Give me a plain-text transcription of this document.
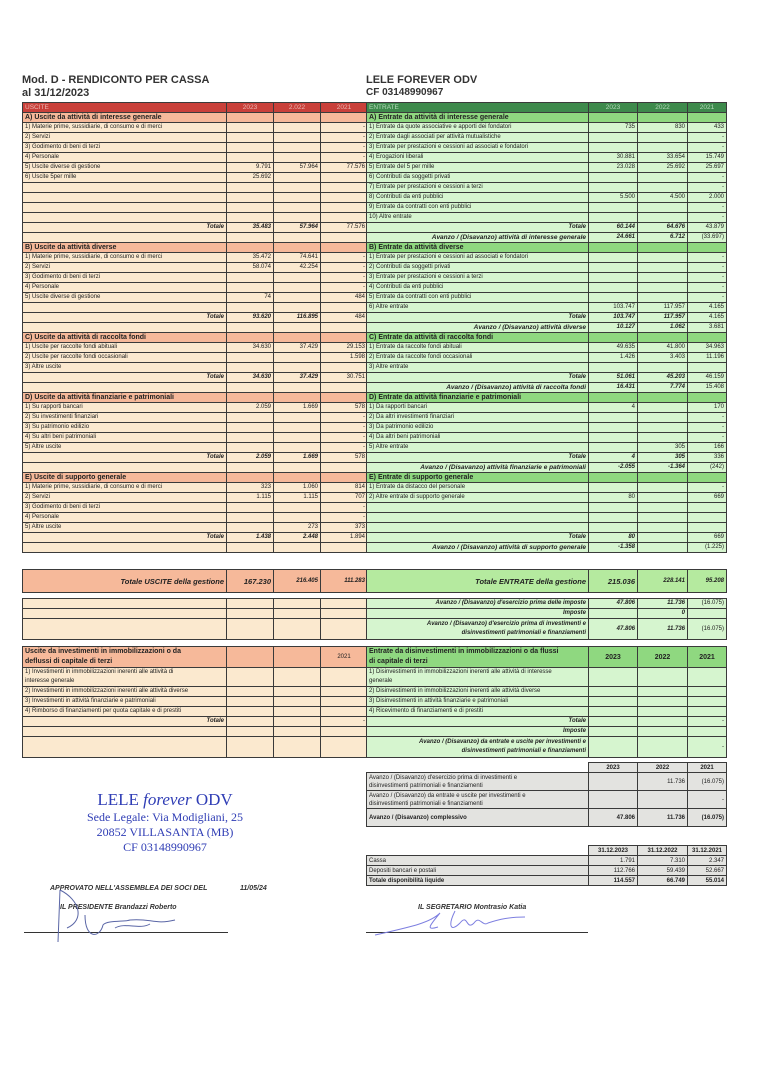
Mod. D - RENDICONTO PER CASSA
al 31/12/2023
LELE FOREVER ODV
CF 03148990967
USCITE	2023	2.022	2021
A) Uscite da attività di interesse generale			
1) Materie prime, sussidiarie, di consumo e di merci			-
2) Servizi			-
3) Godimento di beni di terzi			-
4) Personale			-
5) Uscite diverse di gestione	9.791	57.964	77.576
6) Uscite 5per mille	25.692		

Totale	35.483	57.964	77.576

B) Uscite da attività diverse			
1) Materie prime, sussidiarie, di consumo e di merci	35.472	74.641	-
2) Servizi	58.074	42.254	-
3) Godimento di beni di terzi			-
4) Personale			-
5) Uscite diverse di gestione	74		484

Totale	93.620	116.895	484

C) Uscite da attività di raccolta fondi			
1) Uscite per raccolte fondi abituali	34.630	37.429	29.153
2) Uscite per raccolte fondi occasionali			1.598
3) Altre uscite			
Totale	34.630	37.429	30.751

D) Uscite da attività finanziarie e patrimoniali			
1) Su rapporti bancari	2.059	1.669	578
2) Su investimenti finanziari			-
3) Su patrimonio edilizio			-
4) Su altri beni patrimoniali			-
5) Altre uscite			-
Totale	2.059	1.669	578

E) Uscite di supporto generale			
1) Materie prime, sussidiarie, di consumo e di merci	323	1.060	814
2) Servizi	1.115	1.115	707
3) Godimento di beni di terzi			-
4) Personale			-
5) Altre uscite		273	373
Totale	1.438	2.448	1.894

ENTRATE	2023	2022	2021
A) Entrate da attività di interesse generale			
1) Entrate da quote associative e apporti dei fondatori	735	830	433
2) Entrate dagli associati per attività mutualistiche			-
3) Entrate per prestazioni e cessioni ad associati e fondatori			-
4) Erogazioni liberali	30.881	33.654	15.749
5) Entrate del 5 per mille	23.028	25.692	25.697
6) Contributi da soggetti privati			-
7) Entrate per prestazioni e cessioni a terzi			-
8) Contributi da enti pubblici	5.500	4.500	2.000
9) Entrate da contratti con enti pubblici			-
10) Altre entrate			-
Totale	60.144	64.676	43.879
Avanzo / (Disavanzo) attività di interesse generale	24.661	6.712	(33.697)
B) Entrate da attività diverse			
1) Entrate per prestazioni e cessioni ad associati e fondatori			-
2) Contributi da soggetti privati			-
3) Entrate per prestazioni e cessioni a terzi			-
4) Contributi da enti pubblici			-
5) Entrate da contratti con enti pubblici			-
6) Altre entrate	103.747	117.957	4.165
Totale	103.747	117.957	4.165
Avanzo / (Disavanzo) attività diverse	10.127	1.062	3.681
C) Entrate da attività di raccolta fondi			
1) Entrate da raccolte fondi abituali	49.635	41.800	34.963
2) Entrate da raccolte fondi occasionali	1.426	3.403	11.196
3) Altre entrate			
Totale	51.061	45.203	46.159
Avanzo / (Disavanzo) attività di raccolta fondi	16.431	7.774	15.408
D) Entrate da attività finanziarie e patrimoniali			
1) Da rapporti bancari	4		170
2) Da altri investimenti finanziari			-
3) Da patrimonio edilizio			-
4) Da altri beni patrimoniali			-
5) Altre entrate		305	166
Totale	4	305	336
Avanzo / (Disavanzo) attività finanziarie e patrimoniali	-2.055	-1.364	(242)
E) Entrate di supporto generale			
1) Entrate da distacco del personale			-
2) Altre entrate di supporto generale	80		669

Totale	80		669
Avanzo / (Disavanzo) attività di supporto generale	-1.358		(1.225)
Totale USCITE della gestione	167.230	216.405	111.283	Totale ENTRATE della gestione	215.036	228.141	95.208

Avanzo / (Disavanzo) d'esercizio prima delle imposte	47.806	11.736	(16.075)
Imposte		0	

Avanzo / (Disavanzo) d'esercizio prima di investimenti e
disinvestimenti patrimoniali e finanziamenti	47.806	11.736	(16.075)
Uscite da investimenti in immobilizzazioni o da
deflussi di capitale di terzi			2021

1) Investimenti in immobilizzazioni inerenti alle attività di
interesse generale			

2) Investimenti in immobilizzazioni inerenti alle attività diverse			
3) Investimenti in attività finanziarie e patrimoniali			
4) Rimborso di finanziamenti per quota capitale e di prestiti			
Totale			-

Entrate da disinvestimenti in immobilizzazioni o da flussi
di capitale di terzi	2023	2022	2021

1) Disinvestimenti in immobilizzazioni inerenti alle attività di interesse
generale			

2) Disinvestimenti in immobilizzazioni inerenti alle attività diverse			
3) Disinvestimenti in attività finanziarie e patrimoniali			
4) Ricevimento di finanziamenti e di prestiti			
Totale			-
Imposte			

Avanzo / (Disavanzo) da entrate e uscite per investimenti e
disinvestimenti patrimoniali e finanziamenti			-
	2023	2022	2021

Avanzo / (Disavanzo) d'esercizio prima di investimenti e
disinvestimenti patrimoniali e finanziamenti		11.736	(16.075)

Avanzo / (Disavanzo) da entrate e uscite per investimenti e
disinvestimenti patrimoniali e finanziamenti			-
Avanzo / (Disavanzo) complessivo	47.806	11.736	(16.075)
	31.12.2023	31.12.2022	31.12.2021
Cassa	1.791	7.310	2.347
Depositi bancari e postali	112.766	59.439	52.667
Totale disponibilità liquide	114.557	66.749	55.014
LELE forever ODV
Sede Legale: Via Modigliani, 25
20852 VILLASANTA (MB)
CF 03148990967
APPROVATO NELL'ASSEMBLEA DEI SOCI DEL	11/05/24
IL PRESIDENTE Brandazzi Roberto	IL SEGRETARIO Montrasio Katia
